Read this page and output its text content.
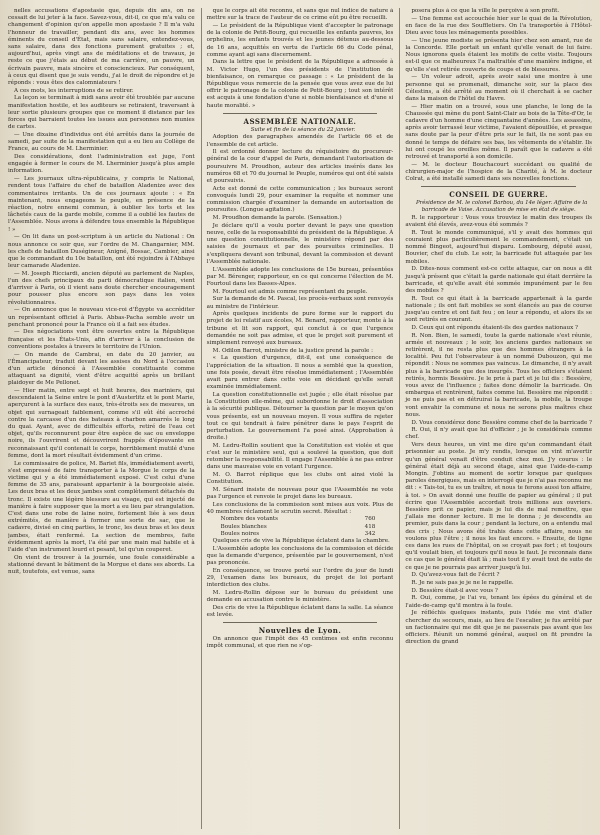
nelles accusations d'apostasie que, depuis dix ans, on ne cessait de lui jeter à la face. Savez-vous, dit-il, ce que m'a valu ce changement d'opinion qu'on appelle mon apostasie ? Il m'a valu l'honneur de travailler, pendant dix ans, avec les hommes éminents du conseil d'État, mais sans salaire, entendez-vous, sans salaire, dans des fonctions purement gratuites ; et, aujourd'hui, après vingt ans de méditations et de travaux, je reste ce que j'étais au début de ma carrière, un pauvre, un écrivain pauvre, mais sincère et consciencieux. Par conséquent, à ceux qui disent que je suis vendu, j'ai le droit de répondre et je réponds : vous êtes des calomniateurs !

A ces mots, les interruptions de se retirer.

La leçon se terminait à midi sans avoir été troublée par aucune manifestation hostile, et les auditeurs se retiraient, traversant à leur sortie plusieurs groupes que ce moment il distance par les forces qui barraient toutes les issues aux personnes non munies de cartes.

— Une dixaine d'individus ont été arrêtés dans la journée de samedi, par suite de la manifestation qui a eu lieu au Collège de France, au cours de M. Lherminier.

Des considérations, dont l'administration est juge, l'ont engagée à fermer le cours de M. Lherminier jusqu'à plus ample information.

— Les journaux ultra-républicains, y compris le National, rendent tous l'affaire du chef de bataillon Aladenize avec des commentaires irritants. Un de ces journaux ajoute : « En maintenant, nous engageons le peuple, en présence de la réaction, notre ennemi commun, à oublier les torts et les lâchetés caux de la garde mobile, comme il a oublié les fautes de l'Assemblée. Nous avons à défendre tous ensemble la République ! »

— On lit dans un post-scriptum à un article du National : On nous annonce ce soir que, sur l'ordre de M. Changarnier, MM. les chefs de bataillon Duségineur, Anigné, Bossac, Cambier, ainsi que le commandant du 10e bataillon, ont été rejoindre à l'Abbaye leur camarade Aladenize.

— M. Joseph Ricciardi, ancien député au parlement de Naples, l'un des chefs principaux du parti démocratique italien, vient d'arriver à Paris, où il vient sans doute chercher encouragement pour pousser plus encore son pays dans les voies révolutionnaires.

— On annonce que le nouveau vice-roi d'Égypte va accréditer un représentant officiel à Paris. Abbas-Pacha semble avoir un penchant prononcé pour la France où il a fait ses études.

— Des négociations vont être ouvertes entre la République française et les États-Unis, afin d'arriver à la conclusion de conventions postales à travers le territoire de l'Union.

— On mande de Cambrai, en date du 20 janvier, au l'Émancipateur, traduit devant les assises du Nord à l'occasion d'un article dénoncé à l'Assemblée constituante comme attaquant sa dignité, vient d'être acquitté après un brillant plaidoyer de Me Pellonet.

— Hier matin, entre sept et huit heures, des mariniers, qui descendaient la Seine entre le pont d'Austerlitz et le pont Marie, aperçurent à la surface des eaux, très-étroits ses de mesures, un objet qui surnageait faiblement, comme s'il eût été accroché contre la carcasse d'un des bateaux à charbon amarrés le long du quai. Ayant, avec de difficultés efforts, retiré de l'eau cet objet, qu'ils reconnurent pour être espèce de sac ou enveloppe noire, ils l'ouvrirent et découvrirent frappés d'épouvante en reconnaissant qu'il contenait le corps, horriblement mutilé d'une femme, dont la mort résultait évidemment d'un crime.

Le commissaire de police, M. Bariet fils, immédiatement averti, s'est empressé de faire transporter à la Morgue le corps de la victime qui y a été immédiatement exposé. C'est celui d'une femme de 35 ans, paraissant appartenir à la bourgeoisie aisée. Les deux bras et les deux jambes sont complètement détachés du tronc. Il existe une légère blessure au visage, qui est injecté de manière à faire supposer que la mort a eu lieu par strangulation. C'est dans une robe de laine noire, fortement liée à ses deux extrémités, de manière à former une sorte de sac, que le cadavre, divisé en cinq parties, le tronc, les deux bras et les deux jambes, était renfermé. La section de membres, faite évidemment après la mort, l'a été par une main mal habile et à l'aide d'un instrument lourd et pesant, tel qu'un couperet.

On vient de trouver à la journée, une foule considérable a stationné devant le bâtiment de la Morgue et dans ses abords. La nuit, toutefois, est venue, sans

que le corps ait été reconnu, et sans que nul indice de nature à mettre sur la trace de l'auteur de ce crime eût pu être recueilli.

— Le président de la République vient d'accepter le patronage de la colonie de Petit-Bourg, qui recueille les enfants pauvres, les orphelins, les enfants trouvés et les jeunes détenus au-dessous de 16 ans, acquittés en vertu de l'article 66 du Code pénal, comme ayant agi sans discernement.

Dans la lettre que le président de la République a adressée à M. Victor Hugo, l'un des présidents de l'institution de bienfaisance, on remarque ce passage : « Le président de la République vous remercie de la pensée que vous avez eue de lui offrir le patronage de la colonie de Petit-Bourg ; tout son intérêt est acquis à une fondation d'une si noble bienfaisance et d'une si haute moralité. »

ASSEMBLÉE NATIONALE.

Suite et fin de la séance du 22 janvier.

Adoption des paragraphes amendés de l'article 66 et de l'ensemble de cet article.

Il est ordonné donner lecture du réquisitoire du procureur-général de la cour d'appel de Paris, demandant l'autorisation de poursuivre M. Proudhon, auteur des articles insérés dans les numéros 68 et 70 du journal le Peuple, numéros qui ont été saisis et poursuivis.

Acte est donné de cette communication ; les bureaux seront convoqués lundi 29, pour examiner la requête et nommer une commission chargée d'examiner la demande en autorisation de poursuites. (Longue agitation.)

M. Proudhon demande la parole. (Sensation.)

Je déclare qu'il a voulu porter devant le pays une question neuve, celle de la responsabilité du président de la République. À une question constitutionnelle, le ministère répond par des saisies de journaux et par des poursuites criminelles. Il s'expliquera devant son tribunal, devant la commission et devant l'Assemblée nationale.

L'Assemblée adopte les conclusions de 15e bureau, présentées par M. Bérenger, rapporteur, en ce qui concerne l'élection de M. Fourtoul dans les Basses-Alpes.

M. Fourtoul est admis comme représentant du peuple.

Sur la demande de M. Pascal, les procès-verbaux sont renvoyés au ministre de l'intérieur.

Après quelques incidents de pure forme sur le rapport du projet de loi relatif aux écoles, M. Benard, rapporteur, monte à la tribune et lit son rapport, qui conclut à ce que l'urgence demandée ne soit pas admise, et que le projet soit purement et simplement renvoyé aux bureaux.

M. Odilon Barrot, ministre de la justice prend la parole :

« La question d'urgence, dit-il, est une conséquence de l'appréciation de la situation. Il nous a semblé que la question, une fois posée, devait être résolue immédiatement ; l'Assemblée avait paru entrer dans cette voie en décidant qu'elle serait examinée immédiatement.

La question constitutionnelle est jugée ; elle était résolue par la Constitution elle-même, qui subordonne le droit d'association à la sécurité publique. Détourner la question par le moyen qu'on vous présente, est un nouveau moyen. Il vous suffira de rejeter tout ce qui tendrait à faire pénétrer dans le pays l'esprit de perturbation. Le gouvernement l'a posé ainsi. (Approbation à droite.)

M. Ledru-Rollin soutient que la Constitution est violée et que c'est sur le ministère seul, qui a soulevé la question, que doit retomber la responsabilité. Il engage l'Assemblée à ne pas entrer dans une mauvaise voie en votant l'urgence.

M. O. Barrot réplique que les clubs ont ainsi violé la Constitution.

M. Sénard insiste de nouveau pour que l'Assemblée ne vote pas l'urgence et renvoie le projet dans les bureaux.

Les conclusions de la commission sont mises aux voix. Plus de 40 membres réclament le scrutin secret. Résultat :

Nombre des votants	760
Boules blanches	418
Boules noires	342

Quelques cris de vive la République éclatent dans la chambre.

L'Assemblée adopte les conclusions de la commission et décide que la demande d'urgence, présentée par le gouvernement, n'est pas prononcée.

En conséquence, se trouve porté sur l'ordre du jour de lundi 29, l'examen dans les bureaux, du projet de loi portant interdiction des clubs.

M. Ledru-Rollin dépose sur le bureau du président une demande en accusation contre le ministère.

Des cris de vive la République éclatent dans la salle. La séance est levée.

Nouvelles de Lyon.

On annonce que l'impôt des 45 centimes est enfin reconnu impôt communal, et que rien ne s'op-

posera plus à ce que la ville le perçoive à son profit.

— Une femme est accouchée hier sur le quai de la Révolution, en face de la rue des Souffletiers. On l'a transportée à l'Hôtel-Dieu avec tous les ménagements possibles.

— Une jeune modiste se présenta hier chez son amant, rue de la Concorde. Elle portait un enfant qu'elle venait de lui faire. Nous ignorons quels étaient les motifs de cette visite. Toujours est-il que ce malheureux l'a maltraitée d'une manière indigne, et qu'elle s'est retirée couverte de coups et de blessures.

— Un voleur adroit, après avoir saisi une montre à une personne qui se promenait, dimanche soir, sur la place des Célestins, a été arrêté au moment où il cherchait à se cacher dans la maison de l'hôtel du Havre.

— Hier matin on a trouvé, sous une planche, le long de la Chaussée qui mène du pont Saint-Clair au bois de la Tête-d'Or, le cadavre d'un homme d'une cinquantaine d'années. Les assassins, après avoir terrassé leur victime, l'avaient dépouillée, et presque sans doute par la peur d'être pris sur le fait, ils ne sont pas eu donné le temps de défaire ses bas, les vêtements de s'établir. Ils lui ont coupé les oreilles même. Il paraît que le cadavre a été retrouvé et transporté à son domicile.

— M. le docteur Bouchacourt succédant ou qualité de chirurgien-major de l'hospice de la Charité, à M. le docteur Colrat, a été installé samedi dans ses nouvelles fonctions.

CONSEIL DE GUERRE.

Présidence de M. le colonel Barbou, du 14e léger. Affaire de la barricade de Vaise. Accusation de mise en état de siège.

R. le rapporteur : Vous vous trouviez le matin des troupes ils avaient été élevés, avez-vous été sommés ?

R. Tout le monde communiqué, s'il y avait des hommes qui couraient plus particulièrement le commandement, c'était un nommé Bingeot, aujourd'hui disparu. Lombourg, député aussi, Bouvier, chef du club. Le soir, la barricade fut attaquée par les mobiles.

D. Dites-nous comment est-ce cette attaque, car on nous a dit jusqu'à présent que c'était la garde nationale qui était derrière la barricade, et qu'elle avait été sommée impunément par le feu des mobiles ?

R. Tout ce qui était à la barricade appartenait à la garde nationale ; ils ont fait mobiles se sont élancés au pas de course jusqu'au centre et ont fait feu ; on leur a répondu, et alors ils se sont retirés en courant.

D. Ceux qui ont répondu étaient-ils des gardes nationaux ?

R. Non. Bien, le samedi, toute la garde nationale s'est réunie, armée et nouveaux ; le soir, les anciens gardes nationaux se retirèrent, il ne resta plus que des hommes étrangers à la localité. Peu fut l'observateur à un nommé Dubouzon, qui me répondit : Nous ne sommes pas vaincus. Le dimanche, il n'y avait plus à la barricade que des insurgés. Tous les officiers s'étaient retirés, hormis Bessière. Je le prie à part et je lui dis : Bessière, vous avez de l'influence ; faites donc démolir la barricade. On embarqua et rentrèrent, faites comme lui. Bessière me répondit : je ne puis pas et en détruirai la barricade, la mobile, la troupe vont envahir la commune et nous ne serons plus maîtres chez nous.

D. Vous considérez donc Bessière comme chef de la barricade ?

R. Oui, il n'y avait que lui d'officier ; je le considérais comme chef.

Vers deux heures, un vint me dire qu'un commandant était prisonnier au poste. Je m'y rendis, lorsque on vint m'avertir qu'un général venait d'être conduit chez moi. J'y courus : le général était déjà au second étage, ainsi que l'aide-de-camp Mongin. J'obtins au moment de sortir lorsque par quelques paroles énergiques, mais en interrogé que je n'ai pas reconnu me dit : « Tais-toi, tu es un traître, et nous te ferons aussi ton affaire, à toi. » On avait donné une feuille de papier au général ; il put écrire que l'Assemblée accordait trois millions aux ouvriers. Bessière prit ce papier, mais je lui dis de mal remettre, que j'allais me donner lecture. Il me le donna ; je descendis au premier, puis dans la cour ; pendant la lecture, on a entendu mal des cris ; Nous avons été trahis dans cette affaire, nous ne voulons plus l'être ; il nous les faut encore. » Ensuite, de ligne ces dans les rues de l'hôpital, on se croyait pas fort ; et toujours qu'il voulait bien, et toujours qu'il nous le faut. Je reconnais dans ce cas que le général était là ; mais tout il y avait tout de suite de ce que je ne pourrais pas arriver jusqu'à lui.

D. Qu'avez-vous fait de l'écrit ?

R. Je ne sais pas je je ne le rappelle.

D. Bessière était-il avec vous ?

R. Oui, comme, je l'ai vu, tenant les épées du général et de l'aide-de-camp qu'il montra à la foule.

Je réfléchis quelques instants, puis l'idée me vint d'aller chercher du secours, mais, au lieu de l'escalier, je fus arrêté par un factionnaire qui me dit que je ne passerais pas avant que les officiers. Réunit un nommé général, auquel on fit prendre la direction du grand
